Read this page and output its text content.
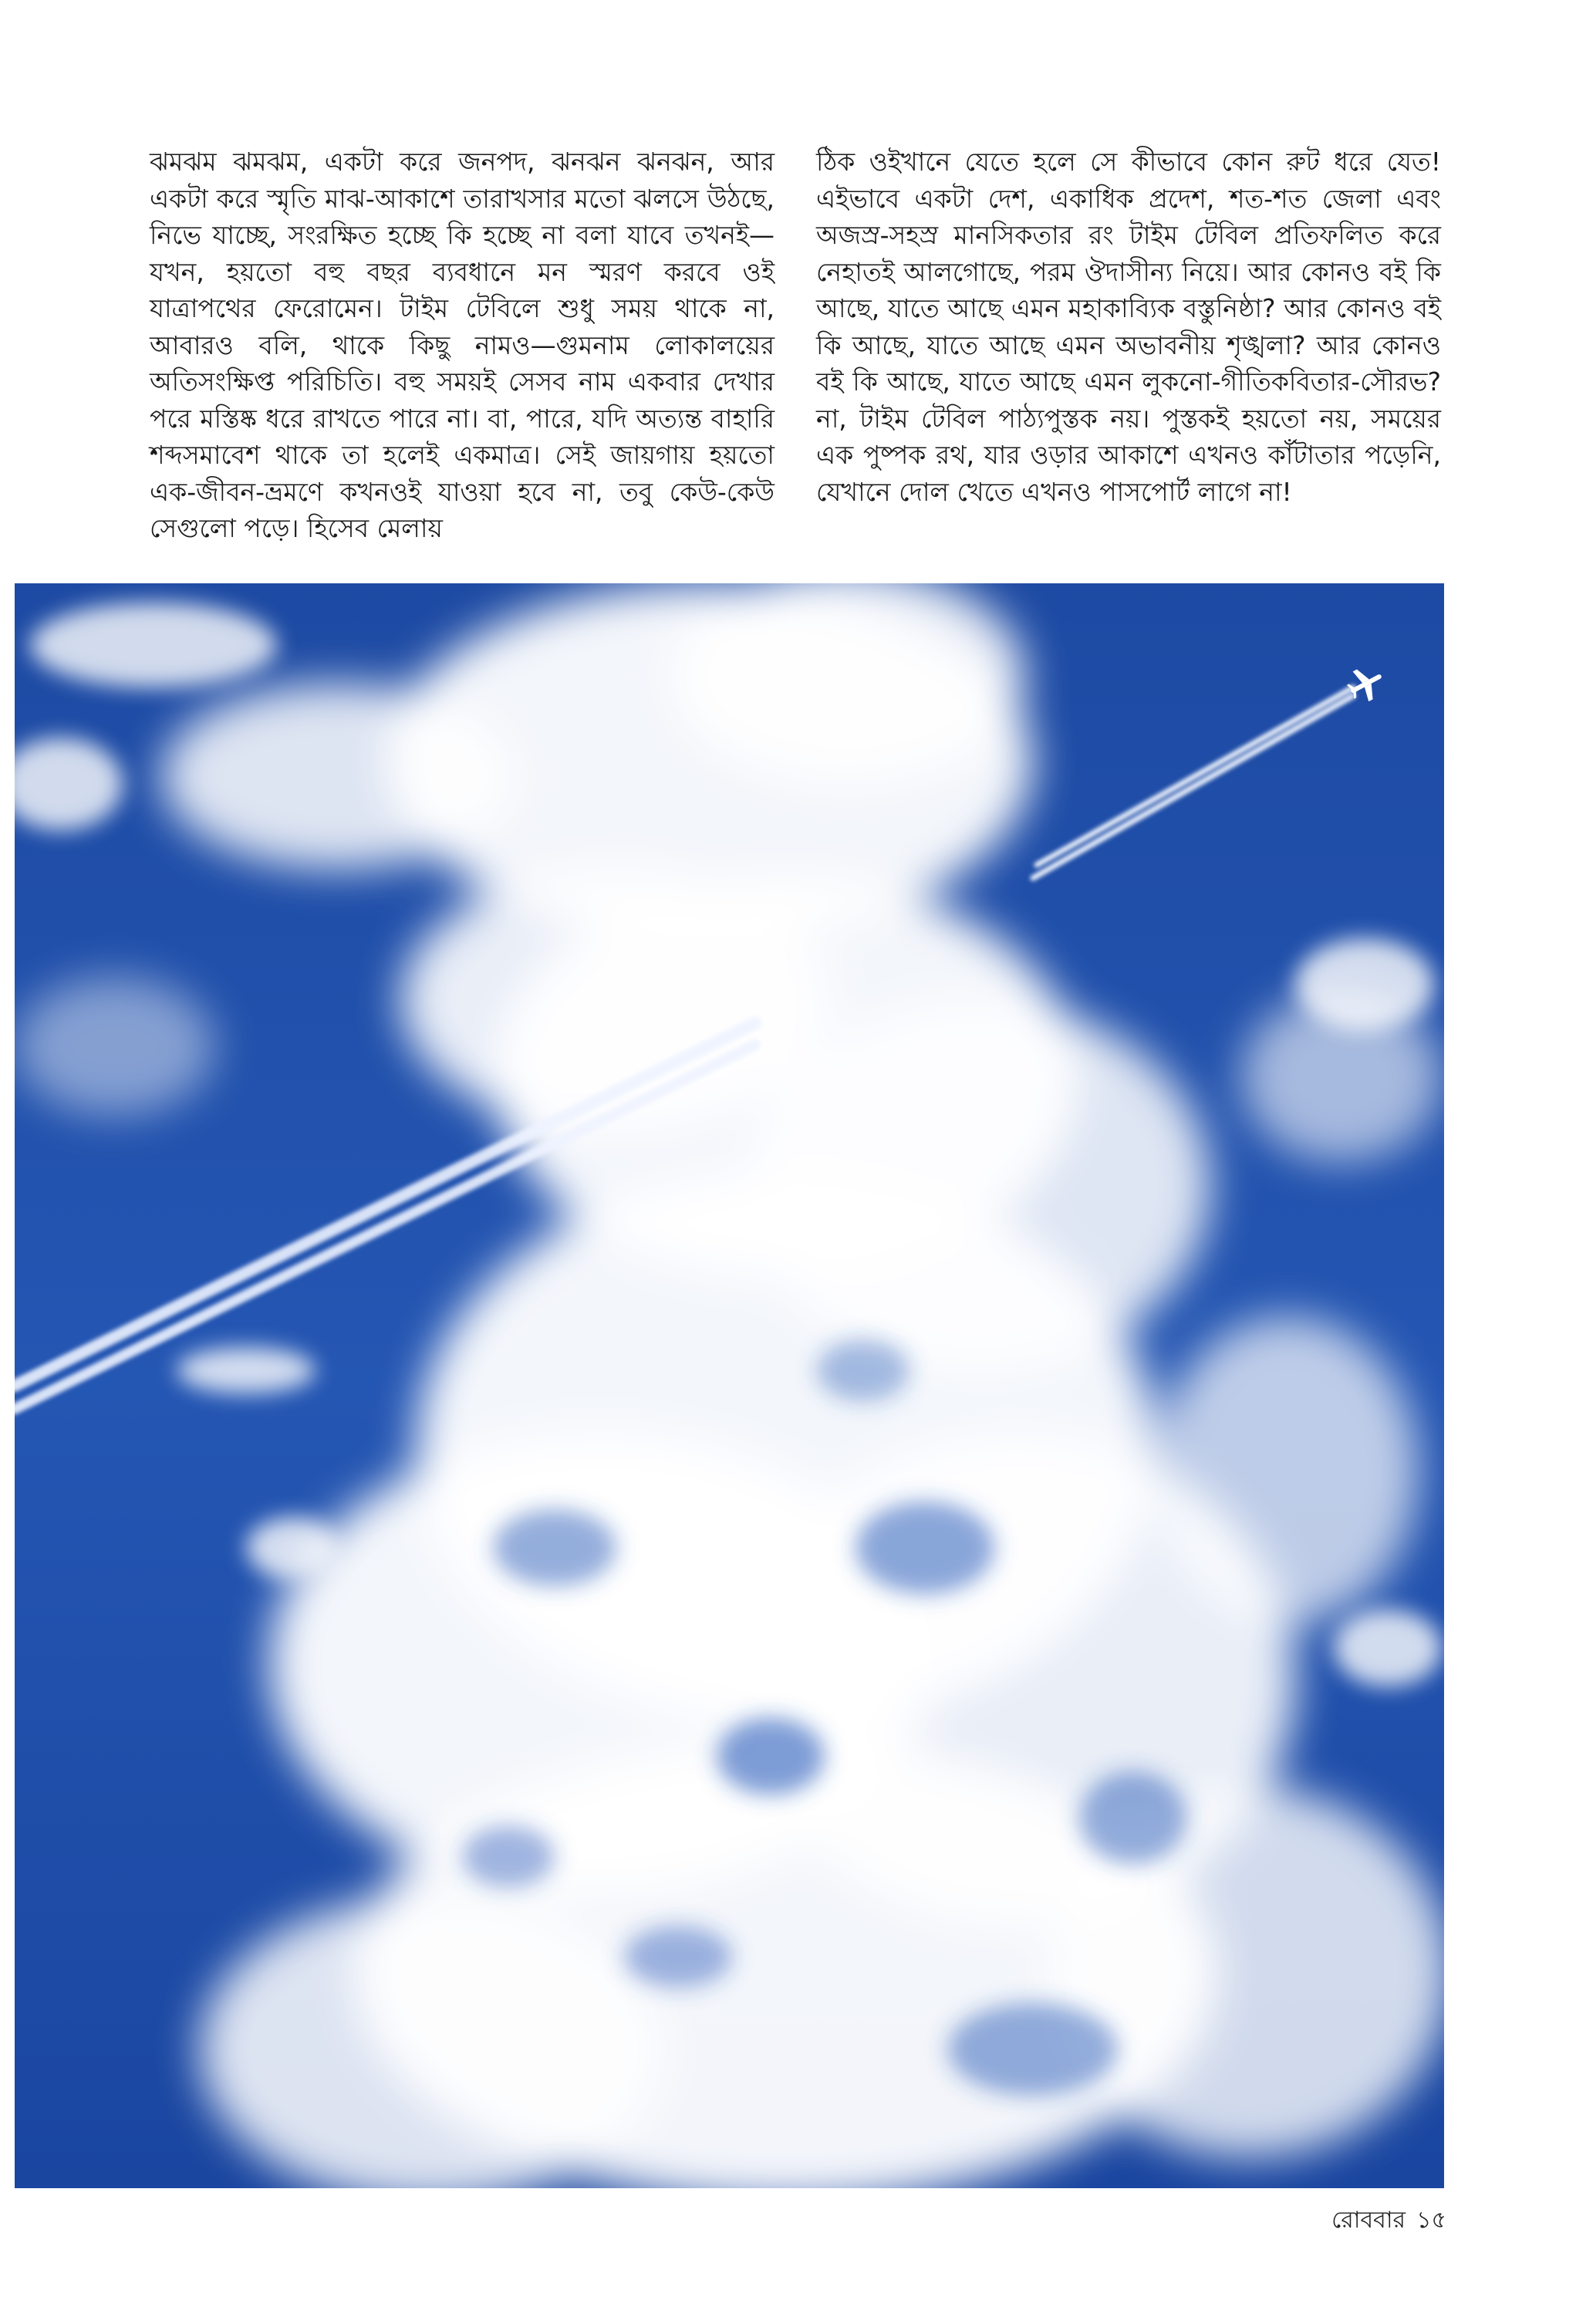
ঝমঝম ঝমঝম, একটা করে জনপদ, ঝনঝন ঝনঝন, আর একটা করে স্মৃতি মাঝ-আকাশে তারাখসার মতো ঝলসে উঠছে, নিভে যাচ্ছে, সংরক্ষিত হচ্ছে কি হচ্ছে না বলা যাবে তখনই—যখন, হয়তো বহু বছর ব্যবধানে মন স্মরণ করবে ওই যাত্রাপথের ফেরোমেন। টাইম টেবিলে শুধু সময় থাকে না, আবারও বলি, থাকে কিছু নামও—গুমনাম লোকালয়ের অতিসংক্ষিপ্ত পরিচিতি। বহু সময়ই সেসব নাম একবার দেখার পরে মস্তিষ্ক ধরে রাখতে পারে না। বা, পারে, যদি অত্যন্ত বাহারি শব্দসমাবেশ থাকে তা হলেই একমাত্র। সেই জায়গায় হয়তো এক-জীবন-ভ্রমণে কখনওই যাওয়া হবে না, তবু কেউ-কেউ সেগুলো পড়ে। হিসেব মেলায়

ঠিক ওইখানে যেতে হলে সে কীভাবে কোন রুট ধরে যেত! এইভাবে একটা দেশ, একাধিক প্রদেশ, শত-শত জেলা এবং অজস্র-সহস্র মানসিকতার রং টাইম টেবিল প্রতিফলিত করে নেহাতই আলগোছে, পরম ঔদাসীন্য নিয়ে। আর কোনও বই কি আছে, যাতে আছে এমন মহাকাব্যিক বস্তুনিষ্ঠা? আর কোনও বই কি আছে, যাতে আছে এমন অভাবনীয় শৃঙ্খলা? আর কোনও বই কি আছে, যাতে আছে এমন লুকনো-গীতিকবিতার-সৌরভ? না, টাইম টেবিল পাঠ্যপুস্তক নয়। পুস্তকই হয়তো নয়, সময়ের এক পুষ্পক রথ, যার ওড়ার আকাশে এখনও কাঁটাতার পড়েনি, যেখানে দোল খেতে এখনও পাসপোর্ট লাগে না!

রোববার ১৫
